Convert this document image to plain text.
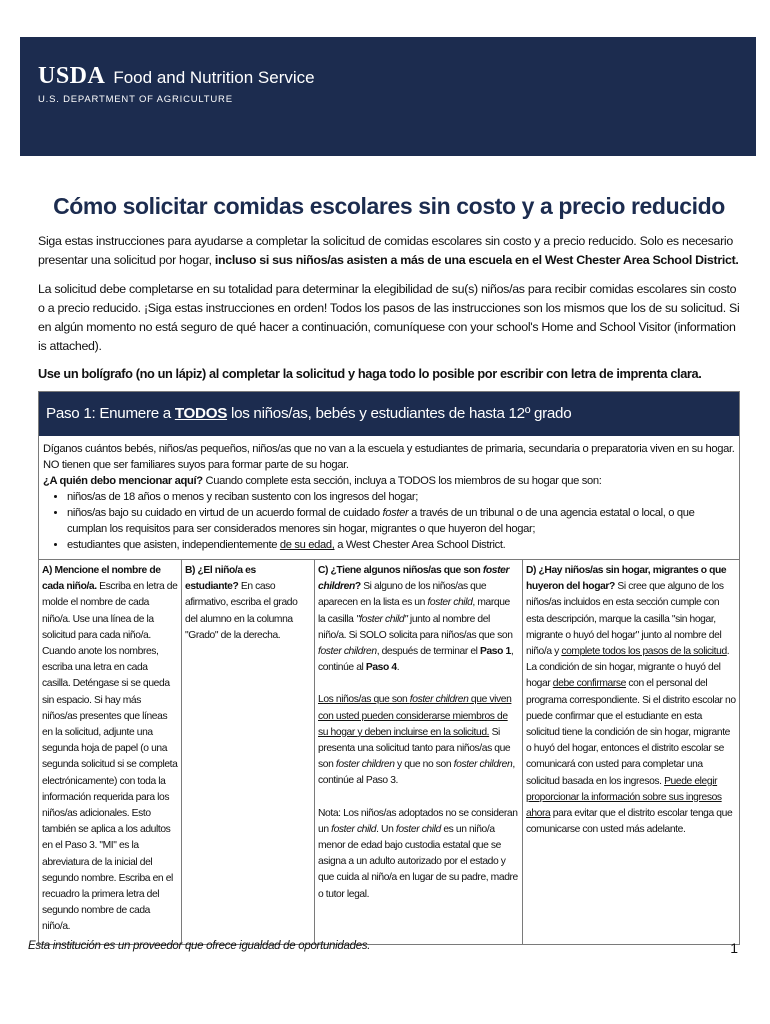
USDA Food and Nutrition Service
U.S. DEPARTMENT OF AGRICULTURE
Cómo solicitar comidas escolares sin costo y a precio reducido

Siga estas instrucciones para ayudarse a completar la solicitud de comidas escolares sin costo y a precio reducido. Solo es necesario presentar una solicitud por hogar, incluso si sus niños/as asisten a más de una escuela en el West Chester Area School District.

La solicitud debe completarse en su totalidad para determinar la elegibilidad de su(s) niños/as para recibir comidas escolares sin costo o a precio reducido. ¡Siga estas instrucciones en orden! Todos los pasos de las instrucciones son los mismos que los de su solicitud. Si en algún momento no está seguro de qué hacer a continuación, comuníquese con your school's Home and School Visitor (information is attached).

Use un bolígrafo (no un lápiz) al completar la solicitud y haga todo lo posible por escribir con letra de imprenta clara.
Paso 1: Enumere a TODOS los niños/as, bebés y estudiantes de hasta 12º grado
Díganos cuántos bebés, niños/as pequeños, niños/as que no van a la escuela y estudiantes de primaria, secundaria o preparatoria viven en su hogar. NO tienen que ser familiares suyos para formar parte de su hogar.
¿A quién debo mencionar aquí? Cuando complete esta sección, incluya a TODOS los miembros de su hogar que son:
• niños/as de 18 años o menos y reciban sustento con los ingresos del hogar;
• niños/as bajo su cuidado en virtud de un acuerdo formal de cuidado foster a través de un tribunal o de una agencia estatal o local, o que cumplan los requisitos para ser considerados menores sin hogar, migrantes o que huyeron del hogar;
• estudiantes que asisten, independientemente de su edad, a West Chester Area School District.
A) Mencione el nombre de cada niño/a. Escriba en letra de molde el nombre de cada niño/a. Use una línea de la solicitud para cada niño/a. Cuando anote los nombres, escriba una letra en cada casilla. Deténgase si se queda sin espacio. Si hay más niños/as presentes que líneas en la solicitud, adjunte una segunda hoja de papel (o una segunda solicitud si se completa electrónicamente) con toda la información requerida para los niños/as adicionales. Esto también se aplica a los adultos en el Paso 3. "MI" es la abreviatura de la inicial del segundo nombre. Escriba en el recuadro la primera letra del segundo nombre de cada niño/a.
B) ¿El niño/a es estudiante? En caso afirmativo, escriba el grado del alumno en la columna "Grado" de la derecha.
C) ¿Tiene algunos niños/as que son foster children? Si alguno de los niños/as que aparecen en la lista es un foster child, marque la casilla "foster child" junto al nombre del niño/a. Si SOLO solicita para niños/as que son foster children, después de terminar el Paso 1, continúe al Paso 4.
Los niños/as que son foster children que viven con usted pueden considerarse miembros de su hogar y deben incluirse en la solicitud. Si presenta una solicitud tanto para niños/as que son foster children y que no son foster children, continúe al Paso 3.
Nota: Los niños/as adoptados no se consideran un foster child. Un foster child es un niño/a menor de edad bajo custodia estatal que se asigna a un adulto autorizado por el estado y que cuida al niño/a en lugar de su padre, madre o tutor legal.
D) ¿Hay niños/as sin hogar, migrantes o que huyeron del hogar? Si cree que alguno de los niños/as incluidos en esta sección cumple con esta descripción, marque la casilla "sin hogar, migrante o huyó del hogar" junto al nombre del niño/a y complete todos los pasos de la solicitud. La condición de sin hogar, migrante o huyó del hogar debe confirmarse con el personal del programa correspondiente. Si el distrito escolar no puede confirmar que el estudiante en esta solicitud tiene la condición de sin hogar, migrante o huyó del hogar, entonces el distrito escolar se comunicará con usted para completar una solicitud basada en los ingresos. Puede elegir proporcionar la información sobre sus ingresos ahora para evitar que el distrito escolar tenga que comunicarse con usted más adelante.
Esta institución es un proveedor que ofrece igualdad de oportunidades.	1
